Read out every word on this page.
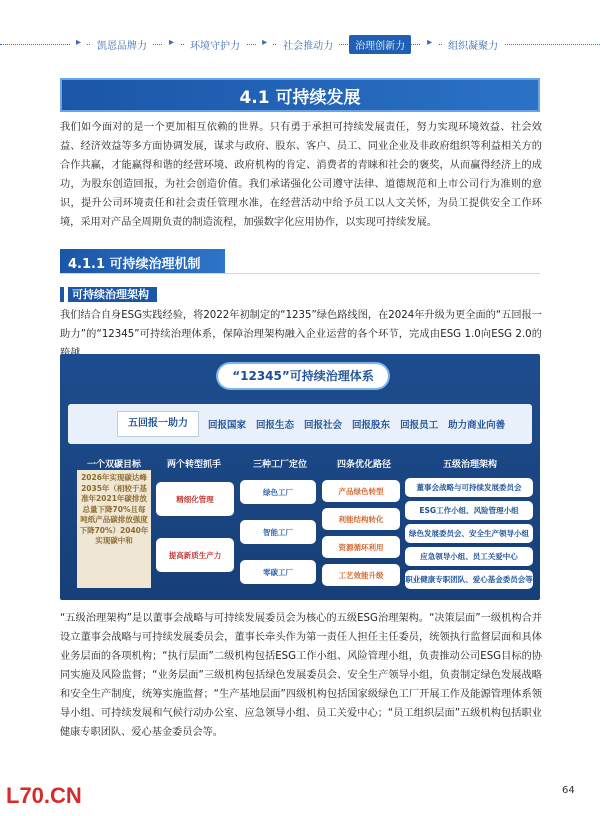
▸	凯恩品牌力	▸	环境守护力	▸	社会推动力	治理创新力	▸	组织凝聚力
4.1 可持续发展
我们如今面对的是一个更加相互依赖的世界。只有勇于承担可持续发展责任，努力实现环境效益、社会效益、经济效益等多方面协调发展，谋求与政府、股东、客户、员工、同业企业及非政府组织等利益相关方的合作共赢，才能赢得和谐的经营环境、政府机构的肯定、消费者的青睐和社会的褒奖，从而赢得经济上的成功，为股东创造回报，为社会创造价值。我们承诺强化公司遵守法律、道德规范和上市公司行为准则的意识，提升公司环境责任和社会责任管理水准，在经营活动中给予员工以人文关怀，为员工提供安全工作环境，采用对产品全周期负责的制造流程，加强数字化应用协作，以实现可持续发展。
4.1.1 可持续治理机制
可持续治理架构
我们结合自身ESG实践经验，将2022年初制定的“1235”绿色路线图，在2024年升级为更全面的“五回报一助力”的“12345”可持续治理体系，保障治理架构融入企业运营的各个环节，完成由ESG 1.0向ESG 2.0的
“12345”可持续治理体系
五回报一助力	回报国家 回报生态 回报社会 回报股东 回报员工 助力商业向善
一个双碳目标	两个转型抓手	三种工厂定位	四条优化路径	五级治理架构
2026年实现碳达峰2035年（相较于基准年2021年碳排放总量下降70%且每吨纸产品碳排放强度下降70%）2040年实现碳中和
精细化管理
提高新质生产力
绿色工厂
智能工厂
零碳工厂
产品绿色转型
利能结构转化
资源循环利用
工艺效能升级
董事会战略与可持续发展委员会
ESG工作小组、风险管理小组
绿色发展委员会、安全生产领导小组
应急领导小组、员工关爱中心
职业健康专职团队、爱心基金委员会等
“五级治理架构”是以董事会战略与可持续发展委员会为核心的五级ESG治理架构。“决策层面”一级机构合并设立董事会战略与可持续发展委员会，董事长牵头作为第一责任人担任主任委员，统领执行监督层面和具体业务层面的各项机构；“执行层面”二级机构包括ESG工作小组、风险管理小组，负责推动公司ESG目标的协同实施及风险监督；“业务层面”三级机构包括绿色发展委员会、安全生产领导小组，负责制定绿色发展战略和安全生产制度，统筹实施监督；“生产基地层面”四级机构包括国家级绿色工厂开展工作及能源管理体系领导小组、可持续发展和气候行动办公室、应急领导小组、员工关爱中心；“员工组织层面”五级机构包括职业健康专职团队、爱心基金委员会等。
L70.CN	64
